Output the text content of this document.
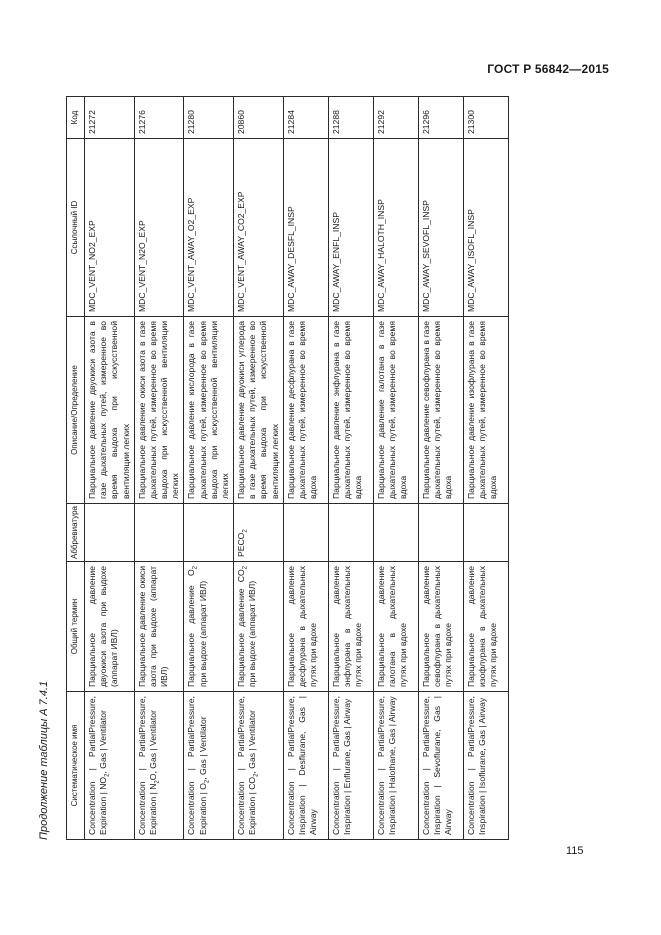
ГОСТ Р 56842—2015
Продолжение таблицы А 7.4.1	Систематическое имя	Общий термин	Аббревиатура	Описание/Определение	Ссылочный ID	Код
Concentration | PartialPressure, Expiration | $NO_2$, Gas | Ventilator	Парциальное давление двуокиси азота при выдохе (аппарат ИВЛ)		Парциальное давление двуокиси азота в газе дыхательных путей, измеренное во время выдоха при искусственной вентиляции легких	MDC_VENT_NO2_EXP	21272
Concentration | PartialPressure, Expiration | $N_2O$, Gas | Ventilator	Парциальное давление окиси азота при выдохе (аппарат ИВЛ)		Парциальное давление окиси азота в газе дыхательных путей, измеренное во время выдоха при искусственной вентиляции легких	MDC_VENT_N2O_EXP	21276
Concentration | PartialPressure, Expiration | $O_2$, Gas | Ventilator	Парциальное давление $O_2$ при выдохе (аппарат ИВЛ)		Парциальное давление кислорода в газе дыхательных путей, измеренное во время выдоха при искусственной вентиляции легких	MDC_VENT_AWAY_O2_EXP	21280
Concentration | PartialPressure, Expiration | $CO_2$, Gas | Ventilator	Парциальное давление $CO_2$ при выдохе (аппарат ИВЛ)	$PECO_2$	Парциальное давление двуокиси углерода в газе дыхательных путей, измеренное во время выдоха при искусственной вентиляции легких	MDC_VENT_AWAY_CO2_EXP	20860
Concentration | PartialPressure, Inspiration | Desflurane, Gas | Airway	Парциальное давление десфлурана в дыхательных путях при вдохе		Парциальное давление десфлурана в газе дыхательных путей, измеренное во время вдоха	MDC_AWAY_DESFL_INSP	21284
Concentration | PartialPressure, Inspiration | Enflurane, Gas | Airway	Парциальное давление энфлурана в дыхательных путях при вдохе		Парциальное давление энфлурана в газе дыхательных путей, измеренное во время вдоха	MDC_AWAY_ENFL_INSP	21288
Concentration | PartialPressure, Inspiration | Halothane, Gas | Airway	Парциальное давление галотана в дыхательных путях при вдохе		Парциальное давление галотана в газе дыхательных путей, измеренное во время вдоха	MDC_AWAY_HALOTH_INSP	21292
Concentration | PartialPressure, Inspiration | Sevoflurane, Gas | Airway	Парциальное давление севофлурана в дыхательных путях при вдохе		Парциальное давление севофлурана в газе дыхательных путей, измеренное во время вдоха	MDC_AWAY_SEVOFL_INSP	21296
Concentration | PartialPressure, Inspiration | Isoflurane, Gas | Airway	Парциальное давление изофлурана в дыхательных путях при вдохе		Парциальное давление изофлурана в газе дыхательных путей, измеренное во время вдоха	MDC_AWAY_ISOFL_INSP	21300
115
